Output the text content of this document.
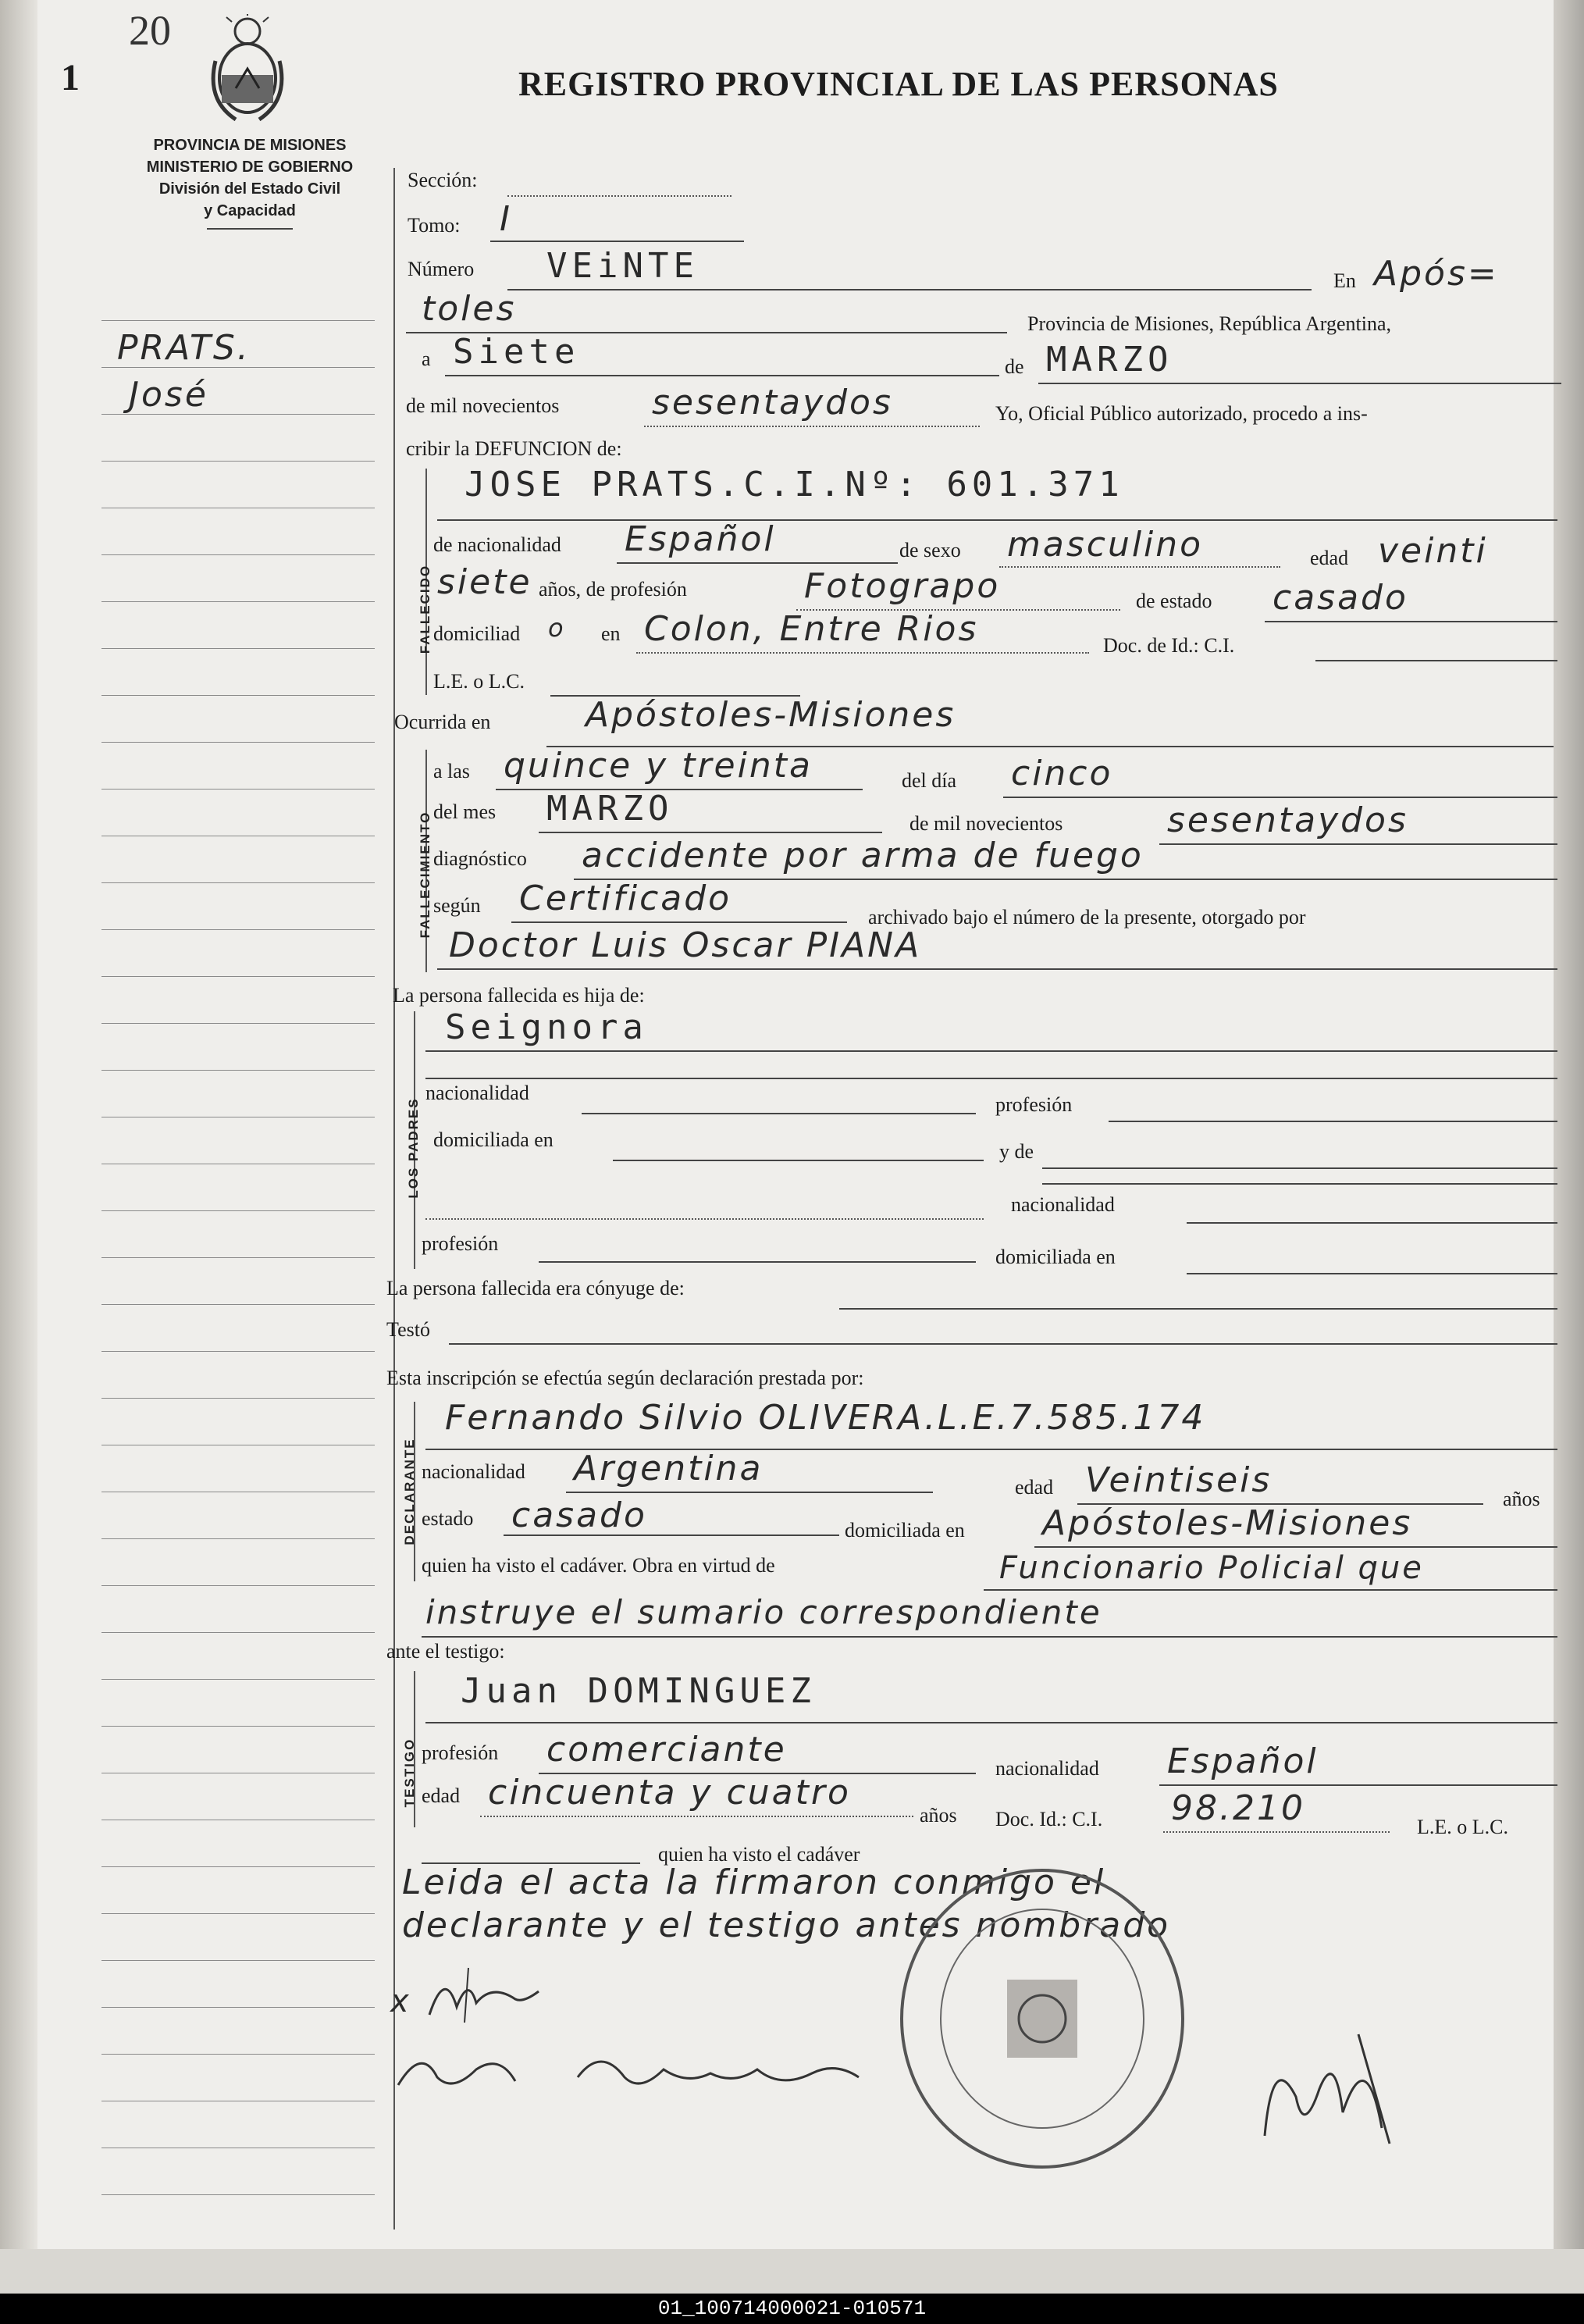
20
1	REGISTRO PROVINCIAL DE LAS PERSONAS
PROVINCIA DE MISIONES
MINISTERIO DE GOBIERNO
División del Estado Civil
y Capacidad
PRATS.
José
Sección:
Tomo: I
Número VEiNTE	En Após=
toles	Provincia de Misiones, República Argentina,
a Siete	de MARZO
de mil novecientos	sesentaydos	Yo, Oficial Público autorizado, procedo a ins-
cribir la DEFUNCION de:
FALLECIDO
JOSE PRATS.C.I.Nº: 601.371
de nacionalidad Español	de sexo masculino	edad veinti
siete años, de profesión	Fotograpo	de estado casado
domiciliad o en Colon, Entre Rios	Doc. de Id.: C.I.
L.E. o L.C.
Ocurrida en	Apóstoles-Misiones
FALLECIMIENTO
a las quince y treinta	del día cinco
del mes MARZO	de mil novecientos	sesentaydos
diagnóstico accidente por arma de fuego
según Certificado	archivado bajo el número de la presente, otorgado por
Doctor Luis Oscar PIANA
La persona fallecida es hija de:
LOS PADRES
Seignora
nacionalidad
profesión
domiciliada en
y de
nacionalidad
profesión
domiciliada en
La persona fallecida era cónyuge de:
Testó
Esta inscripción se efectúa según declaración prestada por:
DECLARANTE
Fernando Silvio OLIVERA.L.E.7.585.174
nacionalidad Argentina	edad Veintiseis	años
estado casado	domiciliada en Apóstoles-Misiones
quien ha visto el cadáver. Obra en virtud de	Funcionario Policial que
instruye el sumario correspondiente
ante el testigo:
TESTIGO
Juan DOMINGUEZ
profesión comerciante	nacionalidad Español
edad cincuenta y cuatro
años Doc. Id.: C.I. 98.210	L.E. o L.C.
quien ha visto el cadáver
Leida el acta la firmaron conmigo el
declarante y el testigo antes nombrado
x
01_100714000021-010571
